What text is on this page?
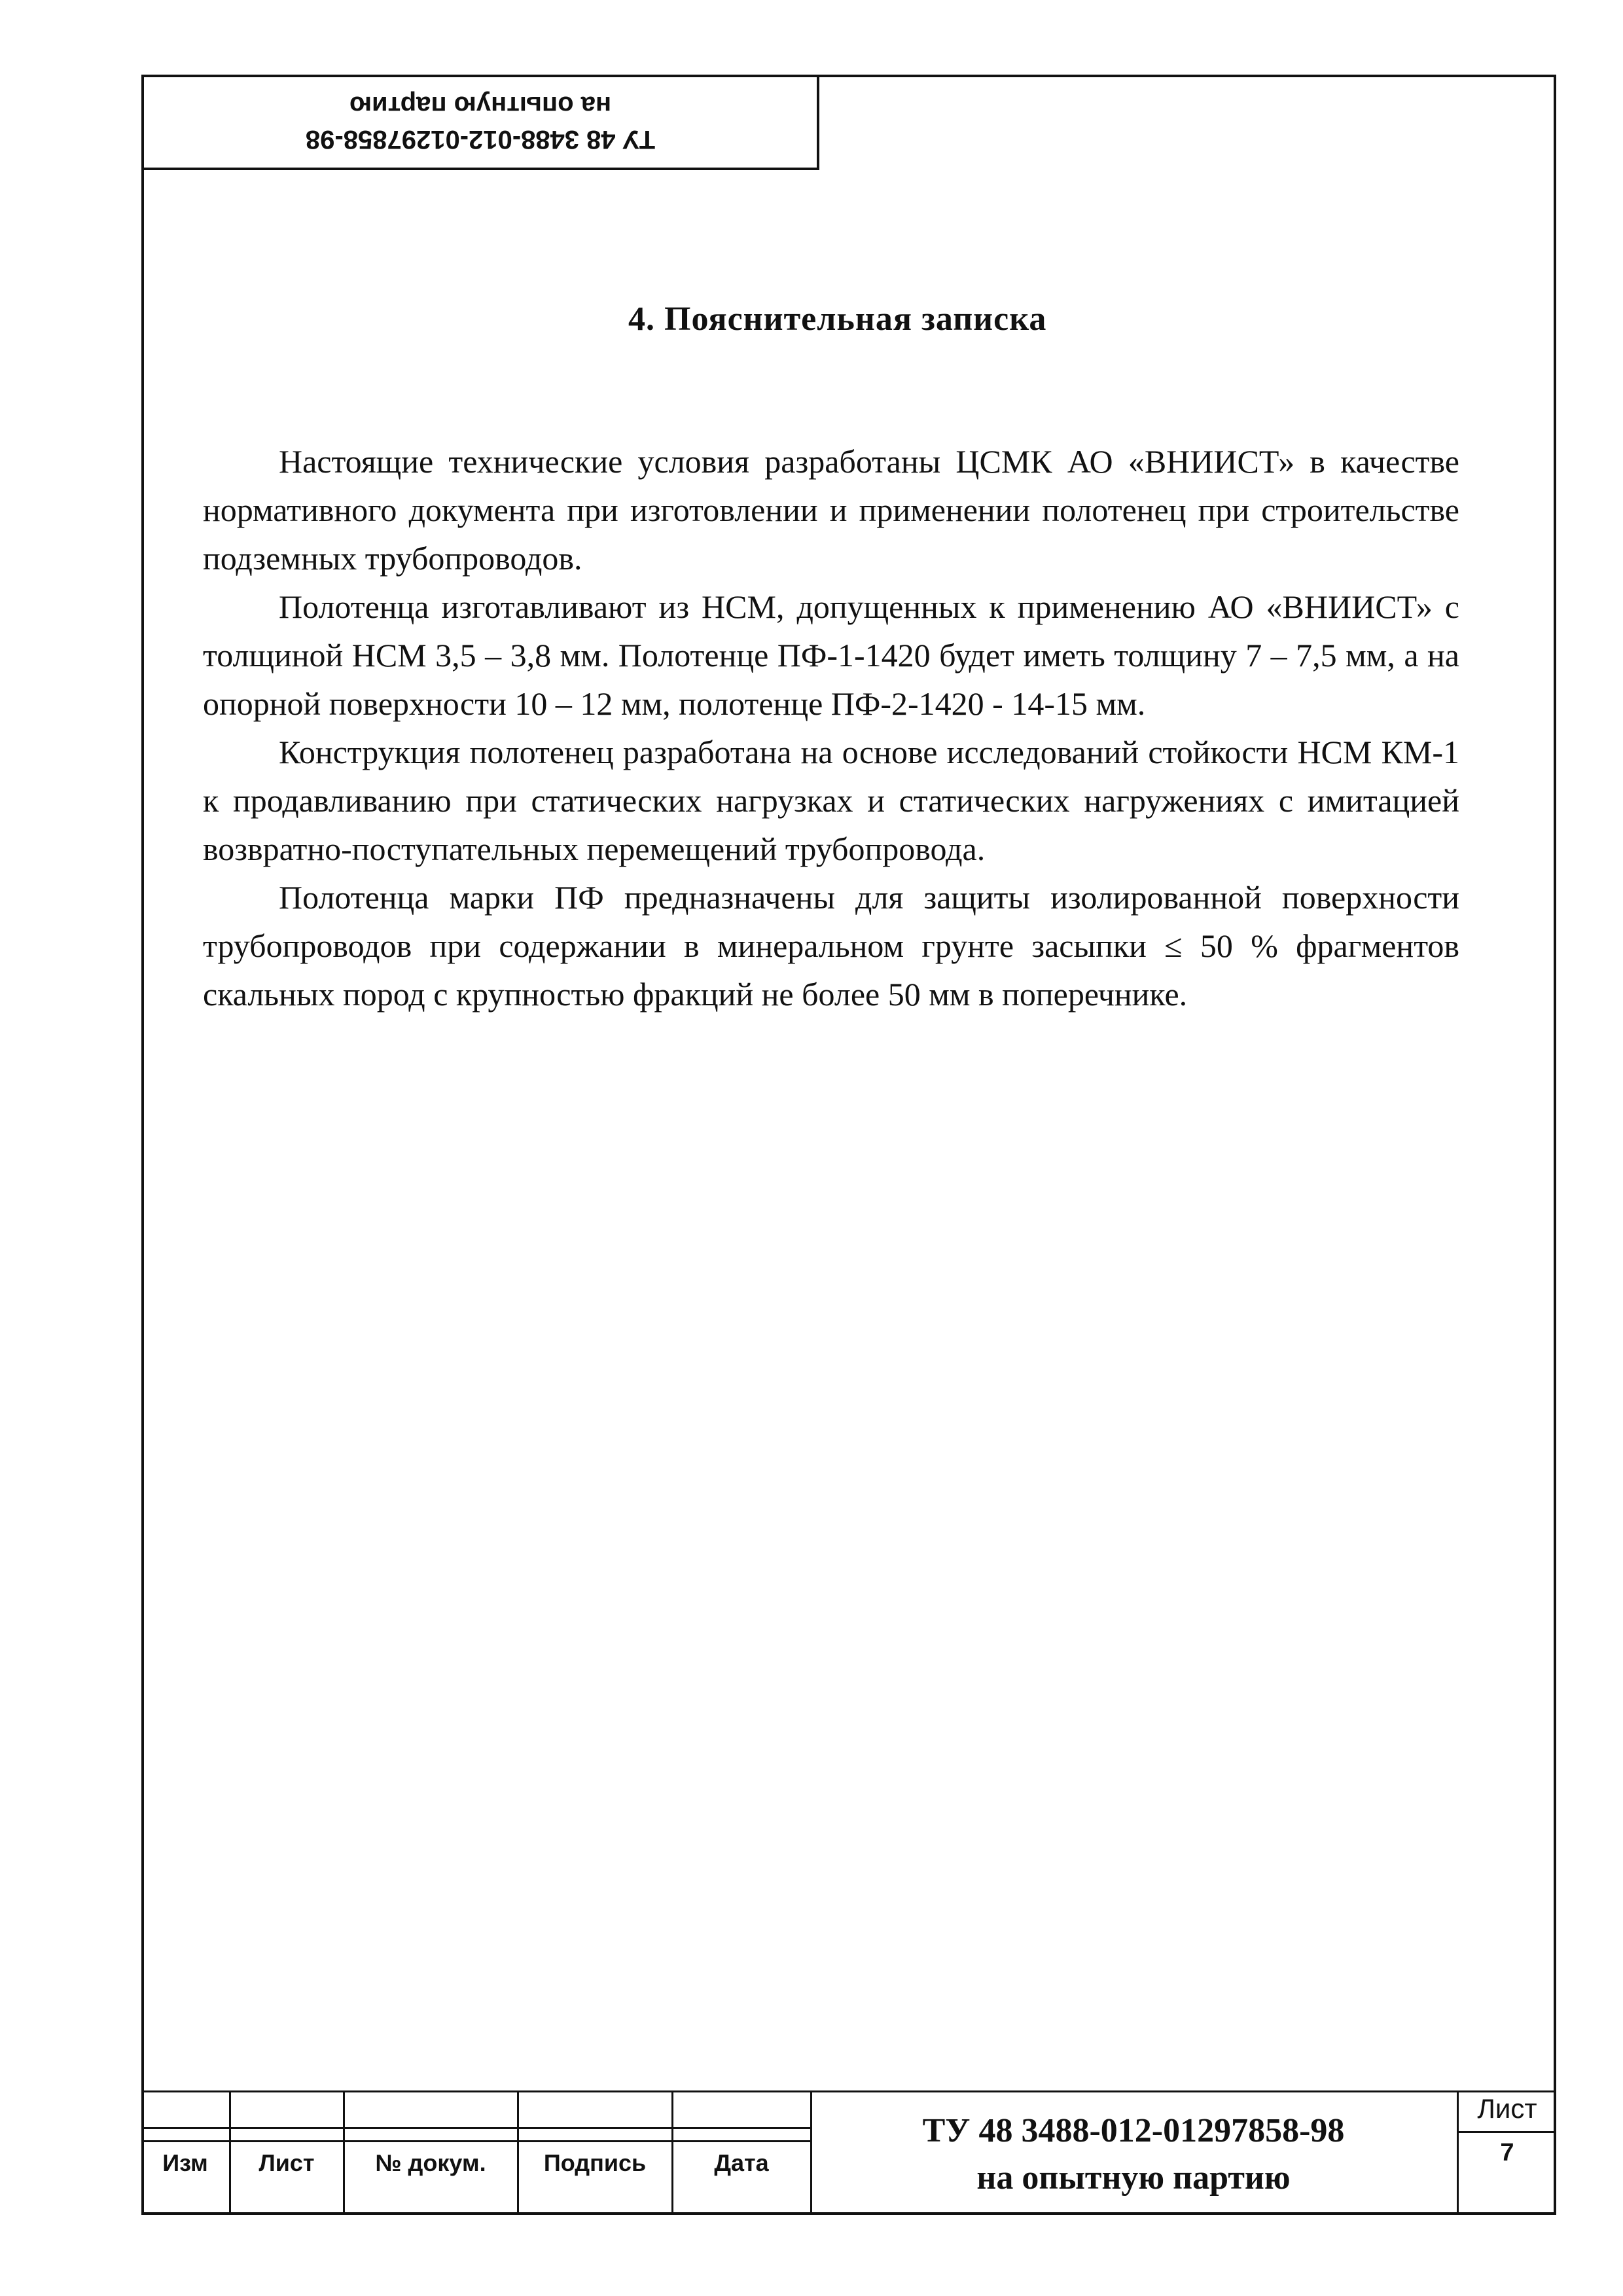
ТУ 48 3488-012-01297858-98
на опытную партию
4. Пояснительная записка

Настоящие технические условия разработаны ЦСМК АО «ВНИИСТ» в качестве нормативного документа при изготовлении и применении полотенец при строительстве подземных трубопроводов.

Полотенца изготавливают из НСМ, допущенных к применению АО «ВНИИСТ» с толщиной НСМ 3,5 – 3,8 мм. Полотенце ПФ-1-1420 будет иметь толщину 7 – 7,5 мм, а на опорной поверхности 10 – 12 мм, полотенце ПФ-2-1420 - 14-15 мм.

Конструкция полотенец разработана на основе исследований стойкости НСМ КМ-1 к продавливанию при статических нагрузках и статических нагружениях с имитацией возвратно-поступательных перемещений трубопровода.

Полотенца марки ПФ предназначены для защиты изолированной поверхности трубопроводов при содержании в минеральном грунте засыпки ≤ 50 % фрагментов скальных пород с крупностью фракций не более 50 мм в поперечнике.

Изм	Лист	№ докум.	Подпись	Дата
ТУ 48 3488-012-01297858-98
на опытную партию
Лист
7
